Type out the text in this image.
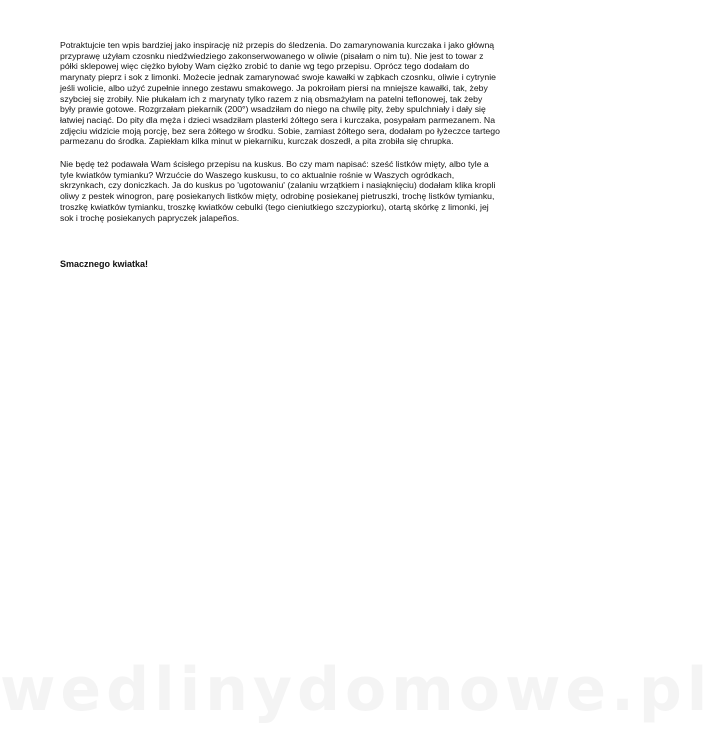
Potraktujcie ten wpis bardziej jako inspirację niż przepis do śledzenia. Do zamarynowania kurczaka i jako główną przyprawę użyłam czosnku niedźwiedziego zakonserwowanego w oliwie (pisałam o nim tu). Nie jest to towar z półki sklepowej więc ciężko byłoby Wam ciężko zrobić to danie wg tego przepisu. Oprócz tego dodałam do marynaty pieprz i sok z limonki. Możecie jednak zamarynować swoje kawałki w ząbkach czosnku, oliwie i cytrynie jeśli wolicie, albo użyć zupełnie innego zestawu smakowego. Ja pokroiłam piersi na mniejsze kawałki, tak, żeby szybciej się zrobiły. Nie płukałam ich z marynaty tylko razem z nią obsmażyłam na patelni teflonowej, tak żeby były prawie gotowe. Rozgrzałam piekarnik (200°) wsadziłam do niego na chwilę pity, żeby spulchniały i dały się łatwiej naciąć. Do pity dla męża i dzieci wsadziłam plasterki żółtego sera i kurczaka, posypałam parmezanem. Na zdjęciu widzicie moją porcję, bez sera żółtego w środku. Sobie, zamiast żółtego sera, dodałam po łyżeczce tartego parmezanu do środka. Zapiekłam kilka minut w piekarniku, kurczak doszedł, a pita zrobiła się chrupka.

Nie będę też podawała Wam ścisłego przepisu na kuskus. Bo czy mam napisać: sześć listków mięty, albo tyle a tyle kwiatków tymianku? Wrzućcie do Waszego kuskusu, to co aktualnie rośnie w Waszych ogródkach, skrzynkach, czy doniczkach. Ja do kuskus po 'ugotowaniu' (zalaniu wrzątkiem i nasiąknięciu) dodałam klika kropli oliwy z pestek winogron, parę posiekanych listków mięty, odrobinę posiekanej pietruszki, trochę listków tymianku, troszkę kwiatków tymianku, troszkę kwiatków cebulki (tego cieniutkiego szczypiorku), otartą skórkę z limonki, jej sok i trochę posiekanych papryczek jalapeños.

Smacznego kwiatka!

wedlinydomowe.pl
